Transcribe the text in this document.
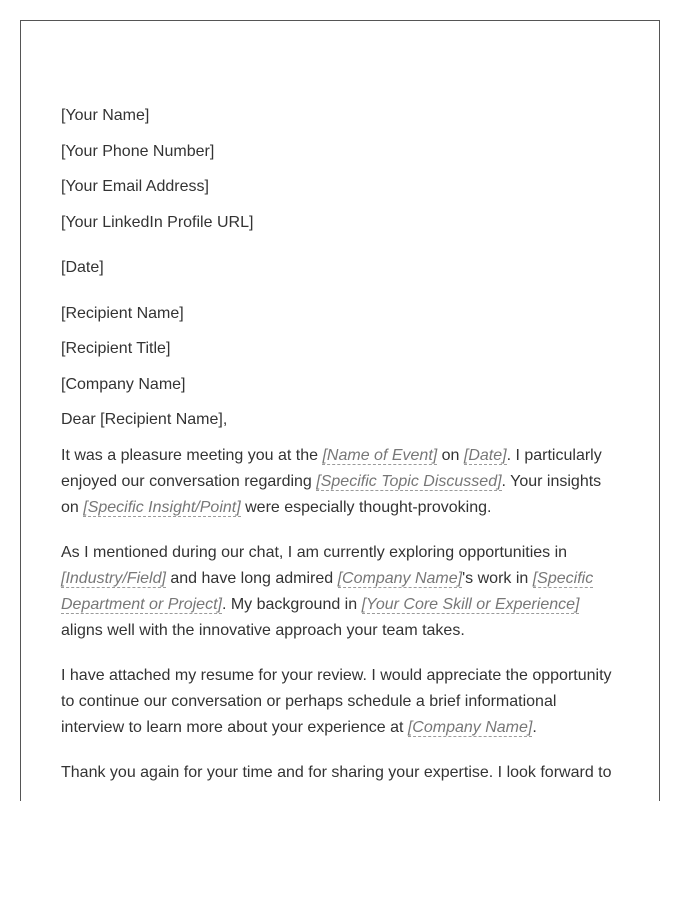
[Your Name]
[Your Phone Number]
[Your Email Address]
[Your LinkedIn Profile URL]
[Date]
[Recipient Name]
[Recipient Title]
[Company Name]
Dear [Recipient Name],

It was a pleasure meeting you at the [Name of Event] on [Date]. I particularly enjoyed our conversation regarding [Specific Topic Discussed]. Your insights on [Specific Insight/Point] were especially thought-provoking.

As I mentioned during our chat, I am currently exploring opportunities in [Industry/Field] and have long admired [Company Name]'s work in [Specific Department or Project]. My background in [Your Core Skill or Experience] aligns well with the innovative approach your team takes.

I have attached my resume for your review. I would appreciate the opportunity to continue our conversation or perhaps schedule a brief informational interview to learn more about your experience at [Company Name].

Thank you again for your time and for sharing your expertise. I look forward to
